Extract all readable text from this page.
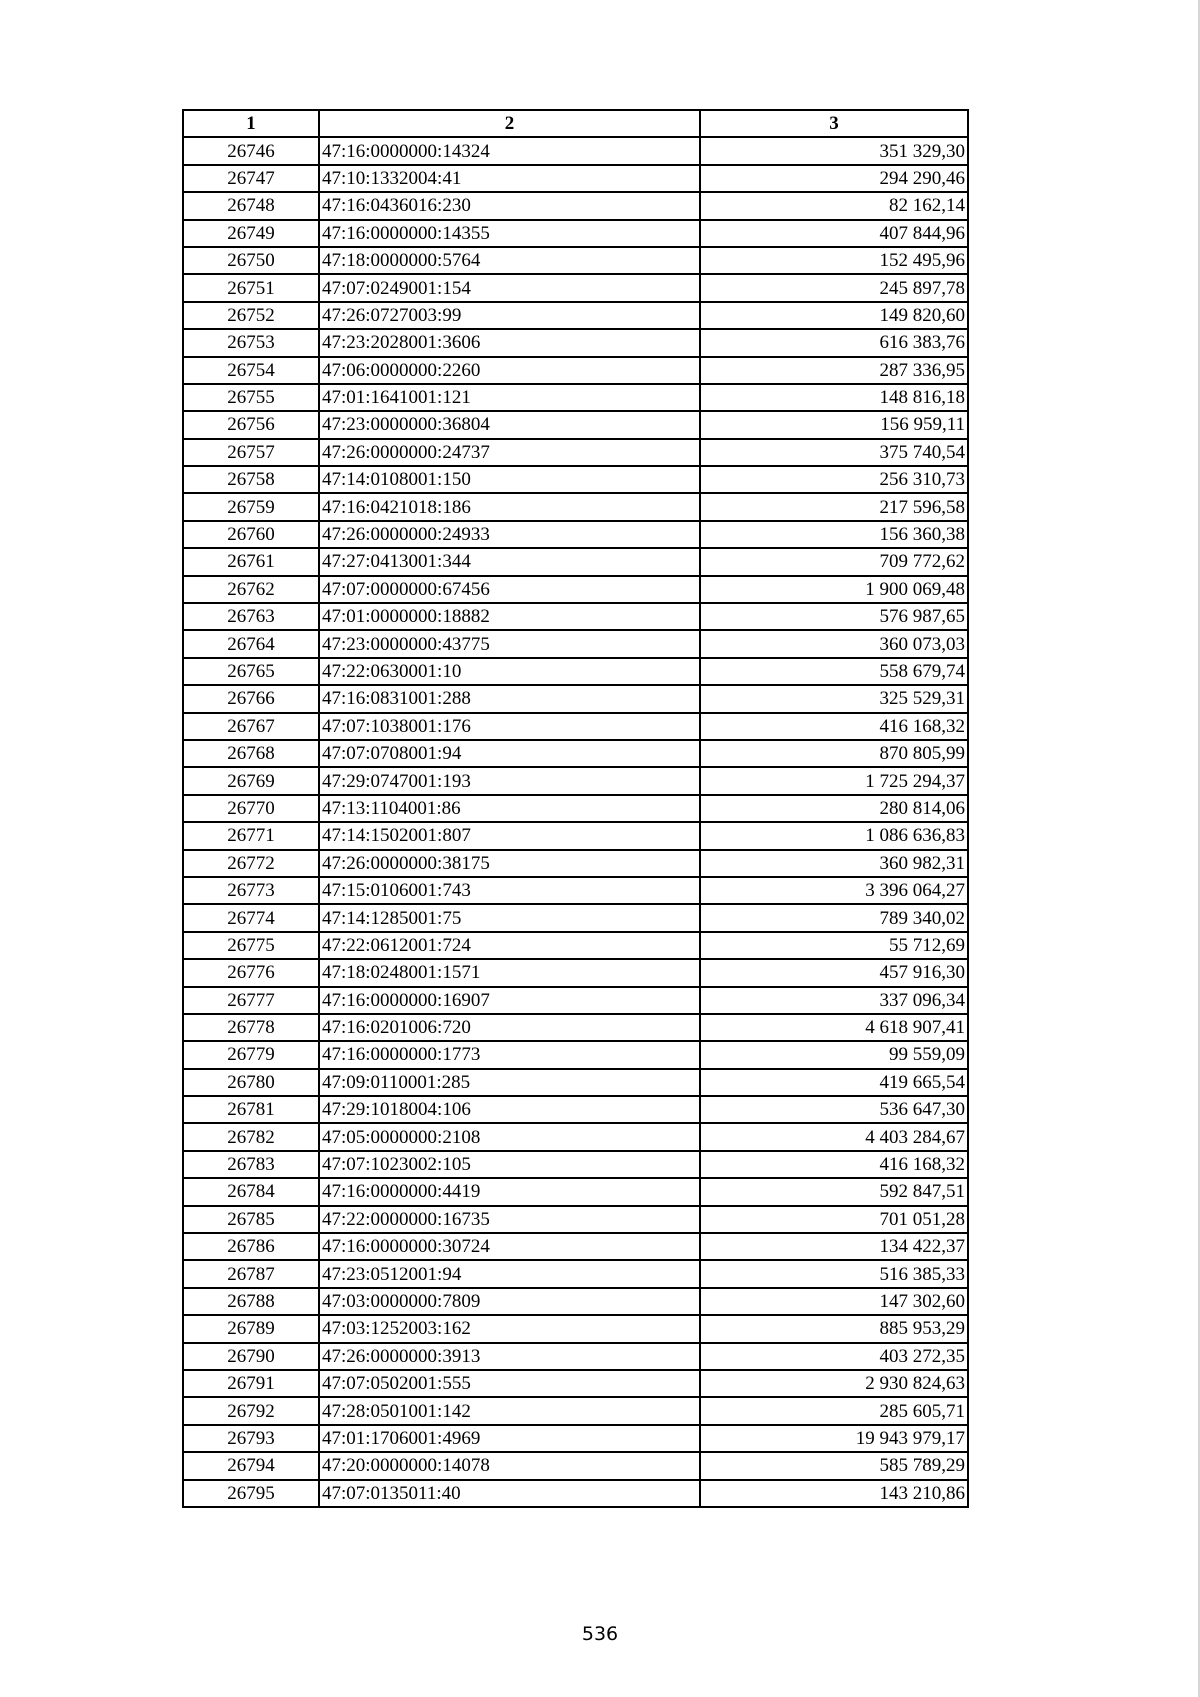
1	2	3
26746	47:16:0000000:14324	351 329,30
26747	47:10:1332004:41	294 290,46
26748	47:16:0436016:230	82 162,14
26749	47:16:0000000:14355	407 844,96
26750	47:18:0000000:5764	152 495,96
26751	47:07:0249001:154	245 897,78
26752	47:26:0727003:99	149 820,60
26753	47:23:2028001:3606	616 383,76
26754	47:06:0000000:2260	287 336,95
26755	47:01:1641001:121	148 816,18
26756	47:23:0000000:36804	156 959,11
26757	47:26:0000000:24737	375 740,54
26758	47:14:0108001:150	256 310,73
26759	47:16:0421018:186	217 596,58
26760	47:26:0000000:24933	156 360,38
26761	47:27:0413001:344	709 772,62
26762	47:07:0000000:67456	1 900 069,48
26763	47:01:0000000:18882	576 987,65
26764	47:23:0000000:43775	360 073,03
26765	47:22:0630001:10	558 679,74
26766	47:16:0831001:288	325 529,31
26767	47:07:1038001:176	416 168,32
26768	47:07:0708001:94	870 805,99
26769	47:29:0747001:193	1 725 294,37
26770	47:13:1104001:86	280 814,06
26771	47:14:1502001:807	1 086 636,83
26772	47:26:0000000:38175	360 982,31
26773	47:15:0106001:743	3 396 064,27
26774	47:14:1285001:75	789 340,02
26775	47:22:0612001:724	55 712,69
26776	47:18:0248001:1571	457 916,30
26777	47:16:0000000:16907	337 096,34
26778	47:16:0201006:720	4 618 907,41
26779	47:16:0000000:1773	99 559,09
26780	47:09:0110001:285	419 665,54
26781	47:29:1018004:106	536 647,30
26782	47:05:0000000:2108	4 403 284,67
26783	47:07:1023002:105	416 168,32
26784	47:16:0000000:4419	592 847,51
26785	47:22:0000000:16735	701 051,28
26786	47:16:0000000:30724	134 422,37
26787	47:23:0512001:94	516 385,33
26788	47:03:0000000:7809	147 302,60
26789	47:03:1252003:162	885 953,29
26790	47:26:0000000:3913	403 272,35
26791	47:07:0502001:555	2 930 824,63
26792	47:28:0501001:142	285 605,71
26793	47:01:1706001:4969	19 943 979,17
26794	47:20:0000000:14078	585 789,29
26795	47:07:0135011:40	143 210,86
536
